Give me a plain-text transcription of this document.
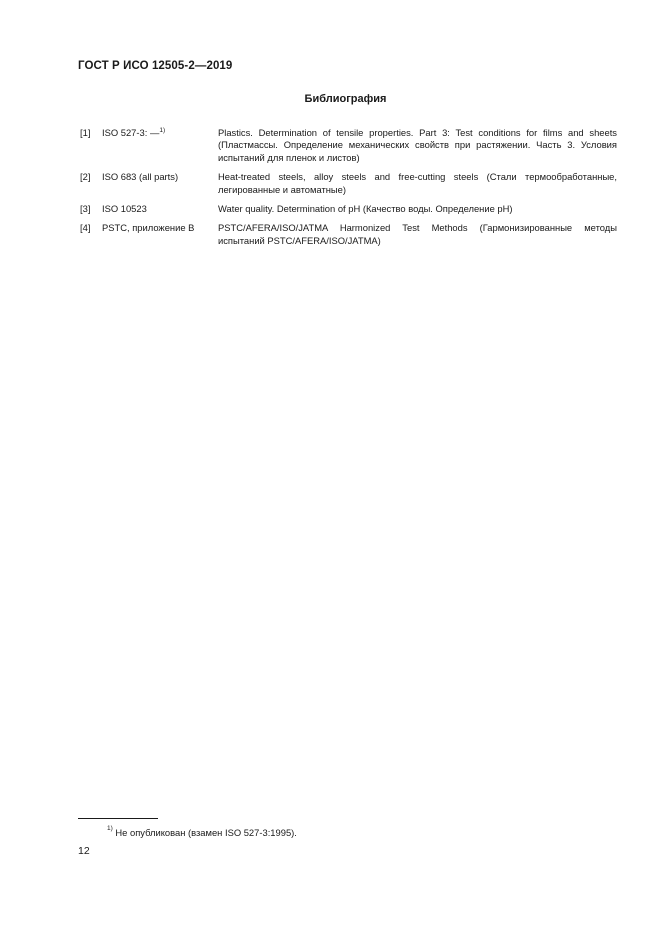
ГОСТ Р ИСО 12505-2—2019
Библиография
[1] ISO 527-3: —$^{1)}$	Plastics. Determination of tensile properties. Part 3: Test conditions for films and sheets (Пластмассы. Определение механических свойств при растяжении. Часть 3. Условия испытаний для пленок и листов)
[2] ISO 683 (all parts)	Heat-treated steels, alloy steels and free-cutting steels (Стали термообработанные, легированные и автоматные)
[3] ISO 10523	Water quality. Determination of pH (Качество воды. Определение pH)
[4] PSTC, приложение В	PSTC/AFERA/ISO/JATMA Harmonized Test Methods (Гармонизированные методы испытаний PSTC/AFERA/ISO/JATMA)
$^{1)}$ Не опубликован (взамен ISO 527-3:1995).
12
